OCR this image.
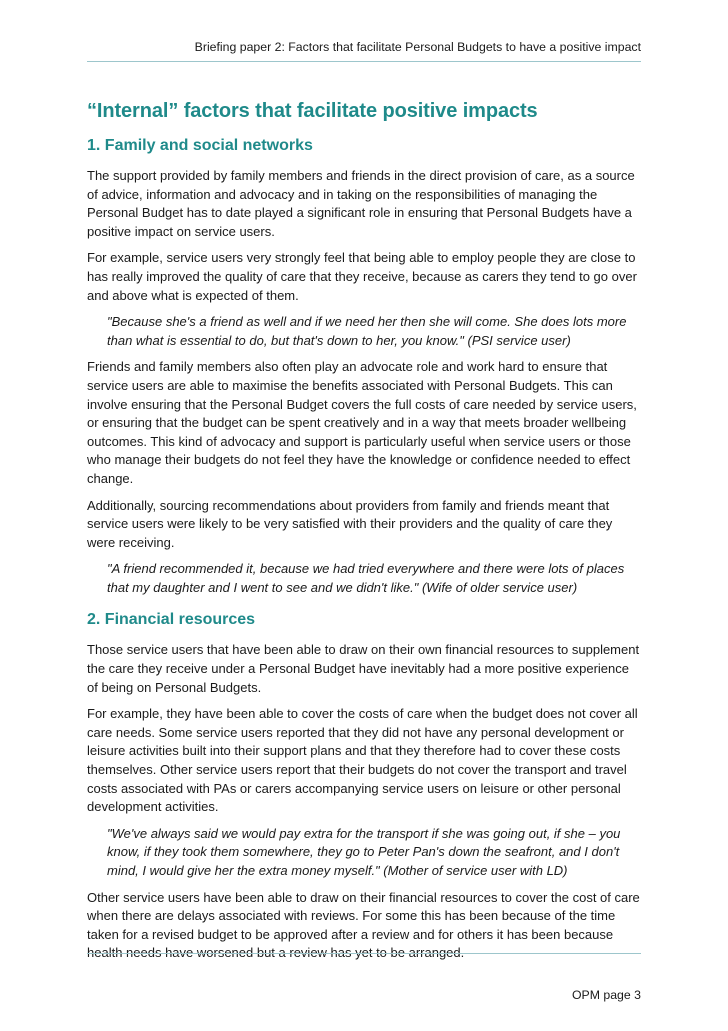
Briefing paper 2: Factors that facilitate Personal Budgets to have a positive impact
“Internal” factors that facilitate positive impacts
1. Family and social networks

The support provided by family members and friends in the direct provision of care, as a source of advice, information and advocacy and in taking on the responsibilities of managing the Personal Budget has to date played a significant role in ensuring that Personal Budgets have a positive impact on service users.

For example, service users very strongly feel that being able to employ people they are close to has really improved the quality of care that they receive, because as carers they tend to go over and above what is expected of them.

"Because she's a friend as well and if we need her then she will come. She does lots more than what is essential to do, but that's down to her, you know." (PSI service user)

Friends and family members also often play an advocate role and work hard to ensure that service users are able to maximise the benefits associated with Personal Budgets. This can involve ensuring that the Personal Budget covers the full costs of care needed by service users, or ensuring that the budget can be spent creatively and in a way that meets broader wellbeing outcomes. This kind of advocacy and support is particularly useful when service users or those who manage their budgets do not feel they have the knowledge or confidence needed to effect change.

Additionally, sourcing recommendations about providers from family and friends meant that service users were likely to be very satisfied with their providers and the quality of care they were receiving.

"A friend recommended it, because we had tried everywhere and there were lots of places that my daughter and I went to see and we didn't like." (Wife of older service user)

2. Financial resources

Those service users that have been able to draw on their own financial resources to supplement the care they receive under a Personal Budget have inevitably had a more positive experience of being on Personal Budgets.

For example, they have been able to cover the costs of care when the budget does not cover all care needs. Some service users reported that they did not have any personal development or leisure activities built into their support plans and that they therefore had to cover these costs themselves. Other service users report that their budgets do not cover the transport and travel costs associated with PAs or carers accompanying service users on leisure or other personal development activities.

"We've always said we would pay extra for the transport if she was going out, if she – you know, if they took them somewhere, they go to Peter Pan's down the seafront, and I don't mind, I would give her the extra money myself." (Mother of service user with LD)

Other service users have been able to draw on their financial resources to cover the cost of care when there are delays associated with reviews. For some this has been because of the time taken for a revised budget to be approved after a review and for others it has been because health needs have worsened but a review has yet to be arranged.

OPM page 3
